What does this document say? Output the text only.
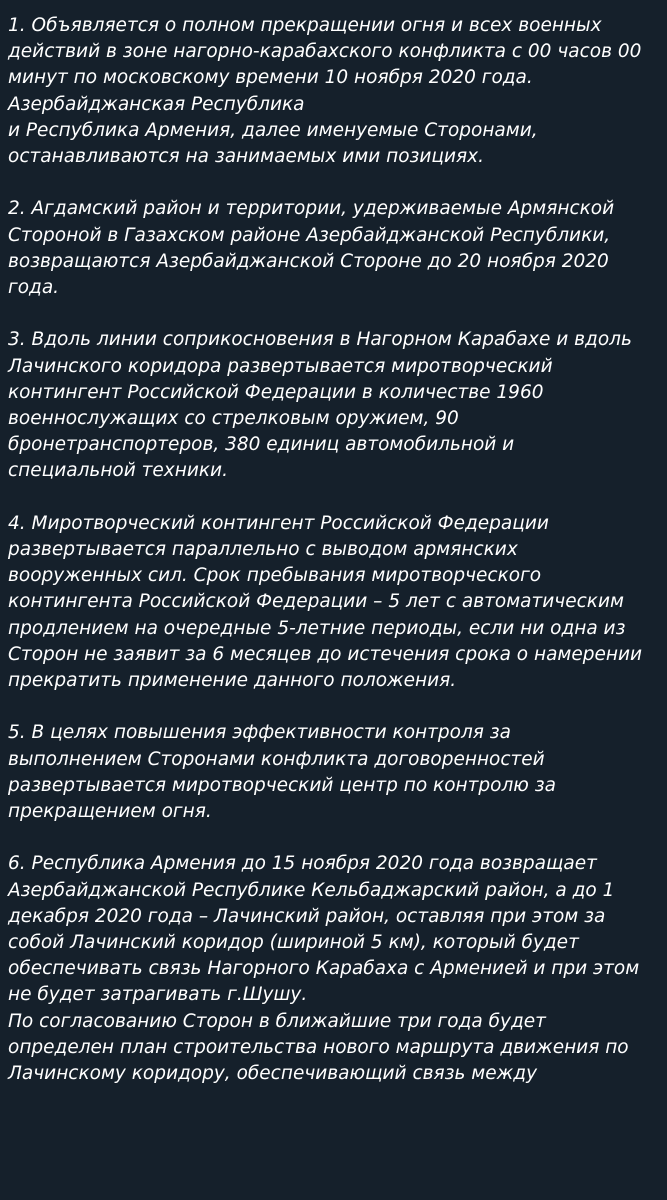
1. Объявляется о полном прекращении огня и всех военных
действий в зоне нагорно-карабахского конфликта с 00 часов 00
минут по московскому времени 10 ноября 2020 года.
Азербайджанская Республика
и Республика Армения, далее именуемые Сторонами,
останавливаются на занимаемых ими позициях.

2. Агдамский район и территории, удерживаемые Армянской
Стороной в Газахском районе Азербайджанской Республики,
возвращаются Азербайджанской Стороне до 20 ноября 2020
года.

3. Вдоль линии соприкосновения в Нагорном Карабахе и вдоль
Лачинского коридора развертывается миротворческий
контингент Российской Федерации в количестве 1960
военнослужащих со стрелковым оружием, 90
бронетранспортеров, 380 единиц автомобильной и
специальной техники.

4. Миротворческий контингент Российской Федерации
развертывается параллельно с выводом армянских
вооруженных сил. Срок пребывания миротворческого
контингента Российской Федерации – 5 лет с автоматическим
продлением на очередные 5-летние периоды, если ни одна из
Сторон не заявит за 6 месяцев до истечения срока о намерении
прекратить применение данного положения.

5. В целях повышения эффективности контроля за
выполнением Сторонами конфликта договоренностей
развертывается миротворческий центр по контролю за
прекращением огня.

6. Республика Армения до 15 ноября 2020 года возвращает
Азербайджанской Республике Кельбаджарский район, а до 1
декабря 2020 года – Лачинский район, оставляя при этом за
собой Лачинский коридор (шириной 5 км), который будет
обеспечивать связь Нагорного Карабаха с Арменией и при этом
не будет затрагивать г.Шушу.
По согласованию Сторон в ближайшие три года будет
определен план строительства нового маршрута движения по
Лачинскому коридору, обеспечивающий связь между
